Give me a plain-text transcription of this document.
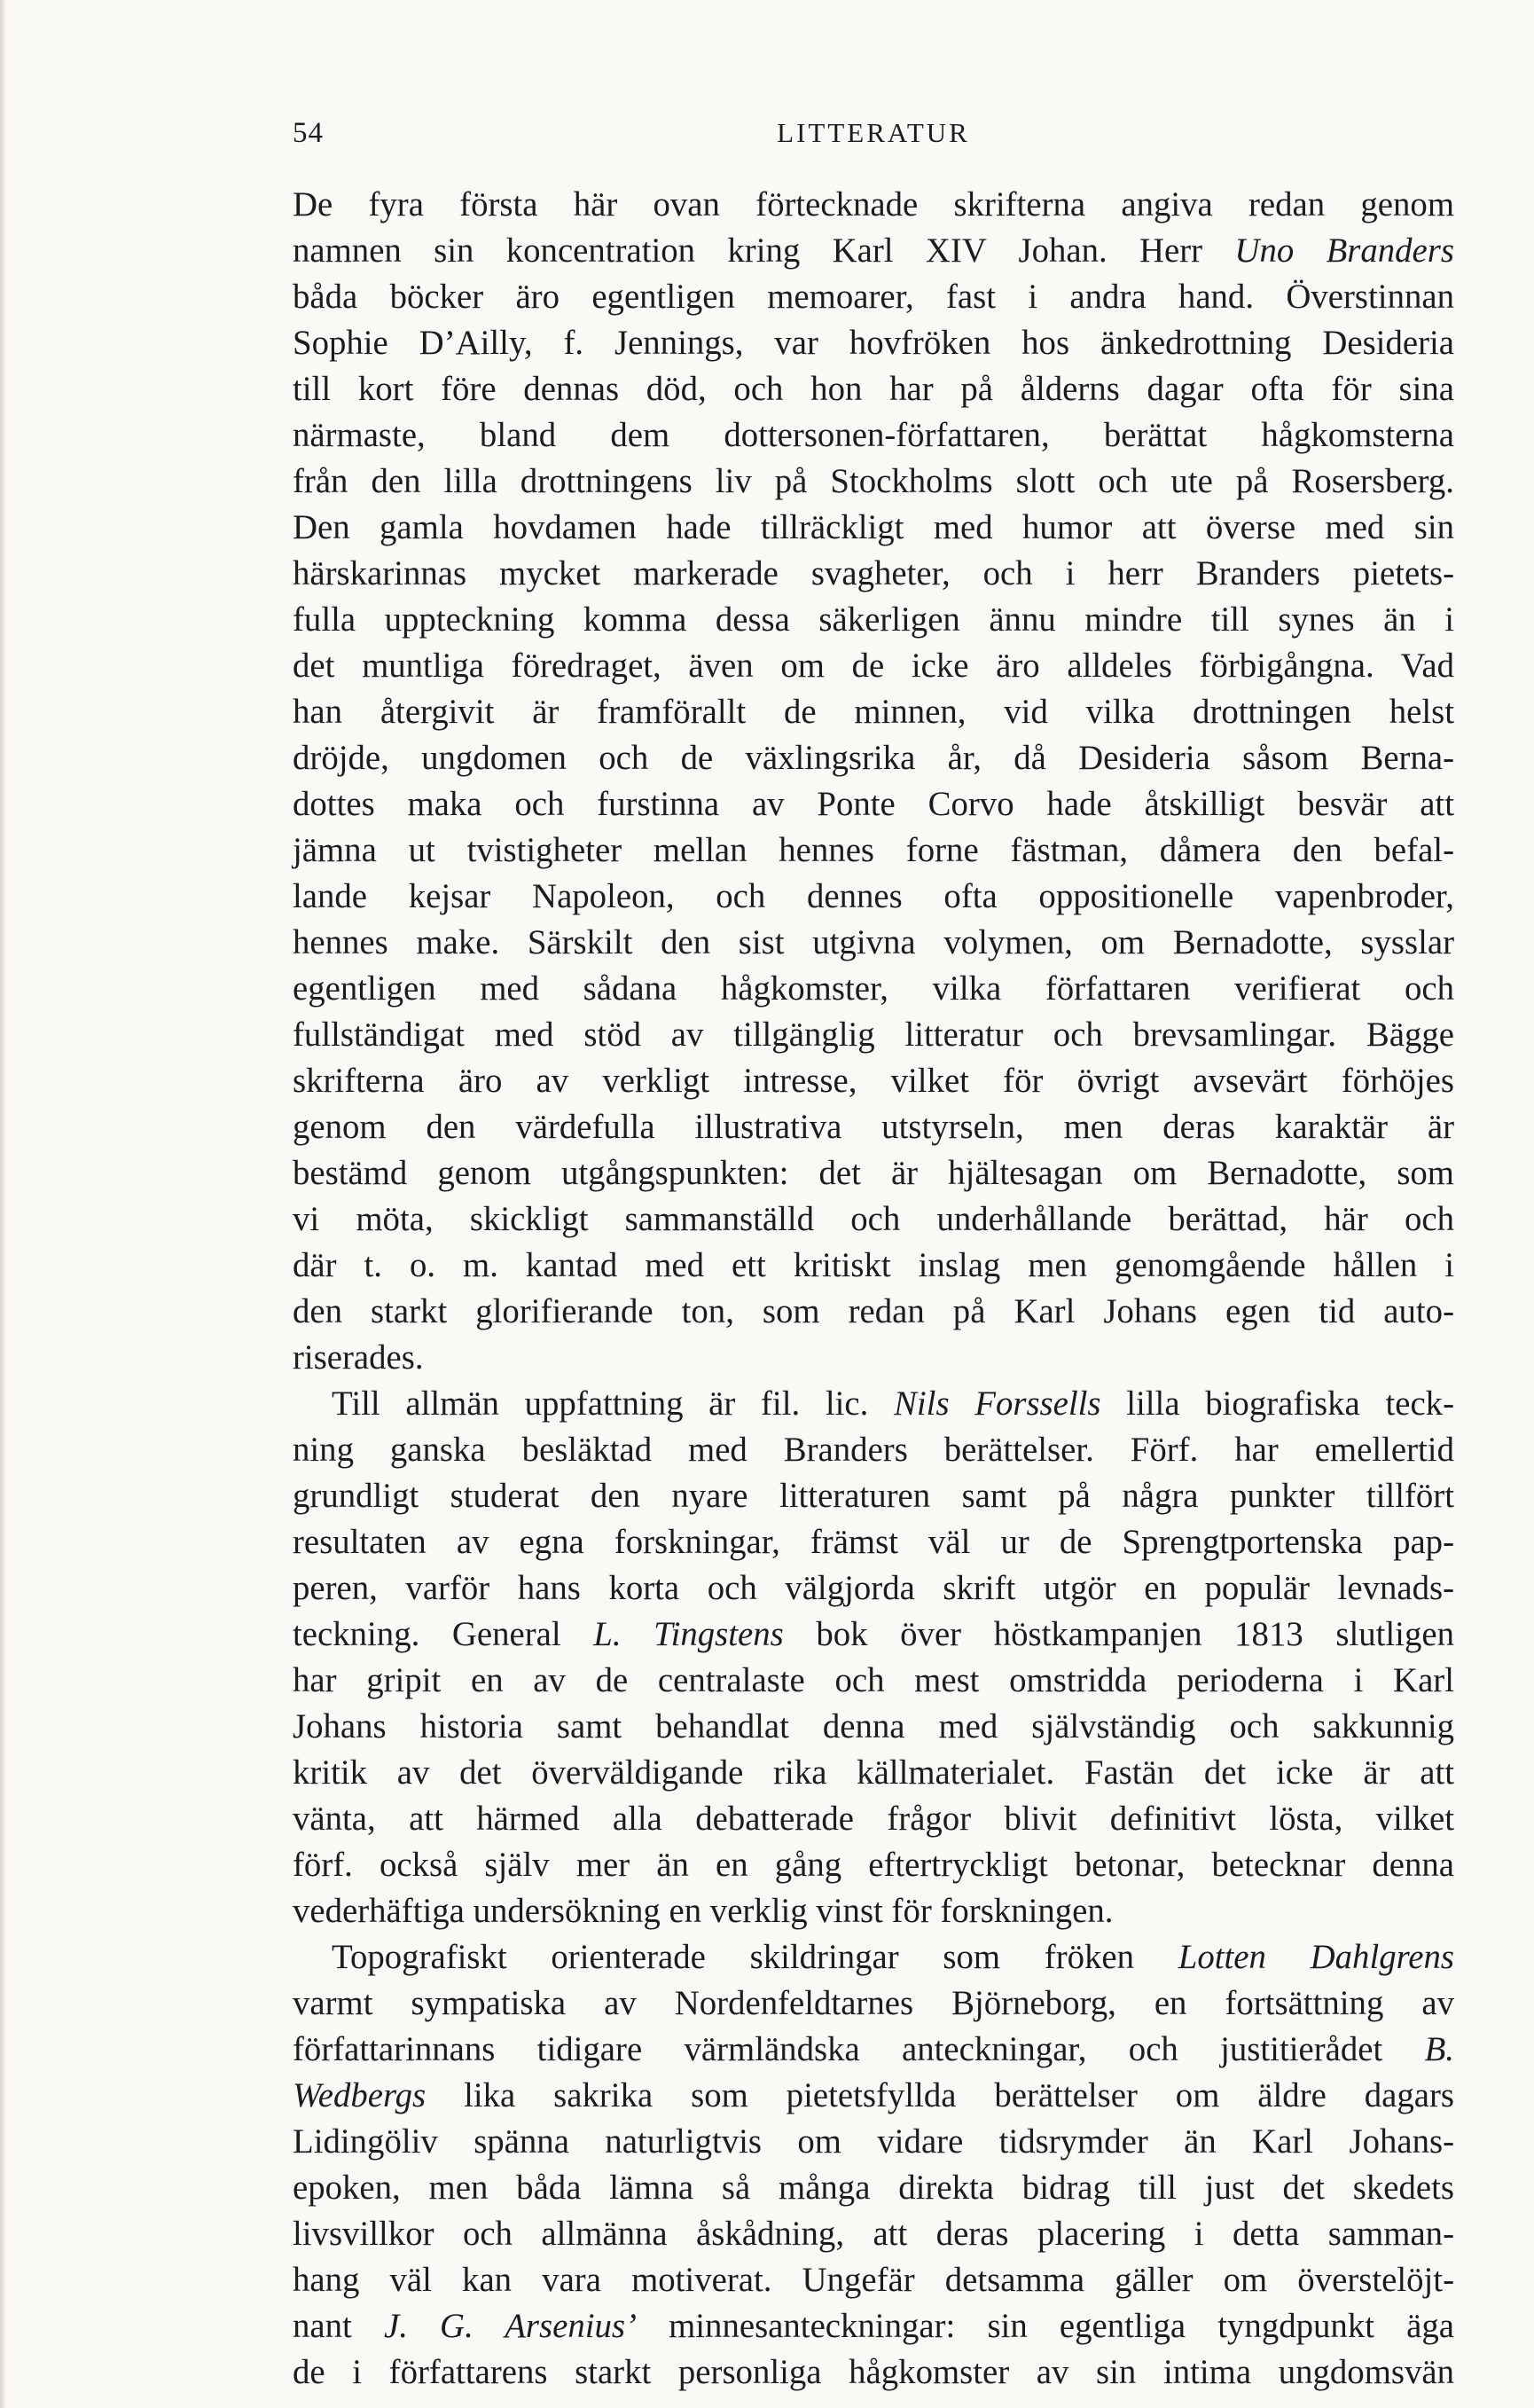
54	LITTERATUR
De fyra första här ovan förtecknade skrifterna angiva redan genom
namnen sin koncentration kring Karl XIV Johan. Herr Uno Branders
båda böcker äro egentligen memoarer, fast i andra hand. Överstinnan
Sophie D’Ailly, f. Jennings, var hovfröken hos änkedrottning Desideria
till kort före dennas död, och hon har på ålderns dagar ofta för sina
närmaste, bland dem dottersonen-författaren, berättat hågkomsterna
från den lilla drottningens liv på Stockholms slott och ute på Rosersberg.
Den gamla hovdamen hade tillräckligt med humor att överse med sin
härskarinnas mycket markerade svagheter, och i herr Branders pietets-
fulla uppteckning komma dessa säkerligen ännu mindre till synes än i
det muntliga föredraget, även om de icke äro alldeles förbigångna. Vad
han återgivit är framförallt de minnen, vid vilka drottningen helst
dröjde, ungdomen och de växlingsrika år, då Desideria såsom Berna-
dottes maka och furstinna av Ponte Corvo hade åtskilligt besvär att
jämna ut tvistigheter mellan hennes forne fästman, dåmera den befal-
lande kejsar Napoleon, och dennes ofta oppositionelle vapenbroder,
hennes make. Särskilt den sist utgivna volymen, om Bernadotte, sysslar
egentligen med sådana hågkomster, vilka författaren verifierat och
fullständigat med stöd av tillgänglig litteratur och brevsamlingar. Bägge
skrifterna äro av verkligt intresse, vilket för övrigt avsevärt förhöjes
genom den värdefulla illustrativa utstyrseln, men deras karaktär är
bestämd genom utgångspunkten: det är hjältesagan om Bernadotte, som
vi möta, skickligt sammanställd och underhållande berättad, här och
där t. o. m. kantad med ett kritiskt inslag men genomgående hållen i
den starkt glorifierande ton, som redan på Karl Johans egen tid auto-
riserades.
Till allmän uppfattning är fil. lic. Nils Forssells lilla biografiska teck-
ning ganska besläktad med Branders berättelser. Förf. har emellertid
grundligt studerat den nyare litteraturen samt på några punkter tillfört
resultaten av egna forskningar, främst väl ur de Sprengtportenska pap-
peren, varför hans korta och välgjorda skrift utgör en populär levnads-
teckning. General L. Tingstens bok över höstkampanjen 1813 slutligen
har gripit en av de centralaste och mest omstridda perioderna i Karl
Johans historia samt behandlat denna med självständig och sakkunnig
kritik av det överväldigande rika källmaterialet. Fastän det icke är att
vänta, att härmed alla debatterade frågor blivit definitivt lösta, vilket
förf. också själv mer än en gång eftertryckligt betonar, betecknar denna
vederhäftiga undersökning en verklig vinst för forskningen.
Topografiskt orienterade skildringar som fröken Lotten Dahlgrens
varmt sympatiska av Nordenfeldtarnes Björneborg, en fortsättning av
författarinnans tidigare värmländska anteckningar, och justitierådet B.
Wedbergs lika sakrika som pietetsfyllda berättelser om äldre dagars
Lidingöliv spänna naturligtvis om vidare tidsrymder än Karl Johans-
epoken, men båda lämna så många direkta bidrag till just det skedets
livsvillkor och allmänna åskådning, att deras placering i detta samman-
hang väl kan vara motiverat. Ungefär detsamma gäller om överstelöjt-
nant J. G. Arsenius’ minnesanteckningar: sin egentliga tyngdpunkt äga
de i författarens starkt personliga hågkomster av sin intima ungdomsvän
